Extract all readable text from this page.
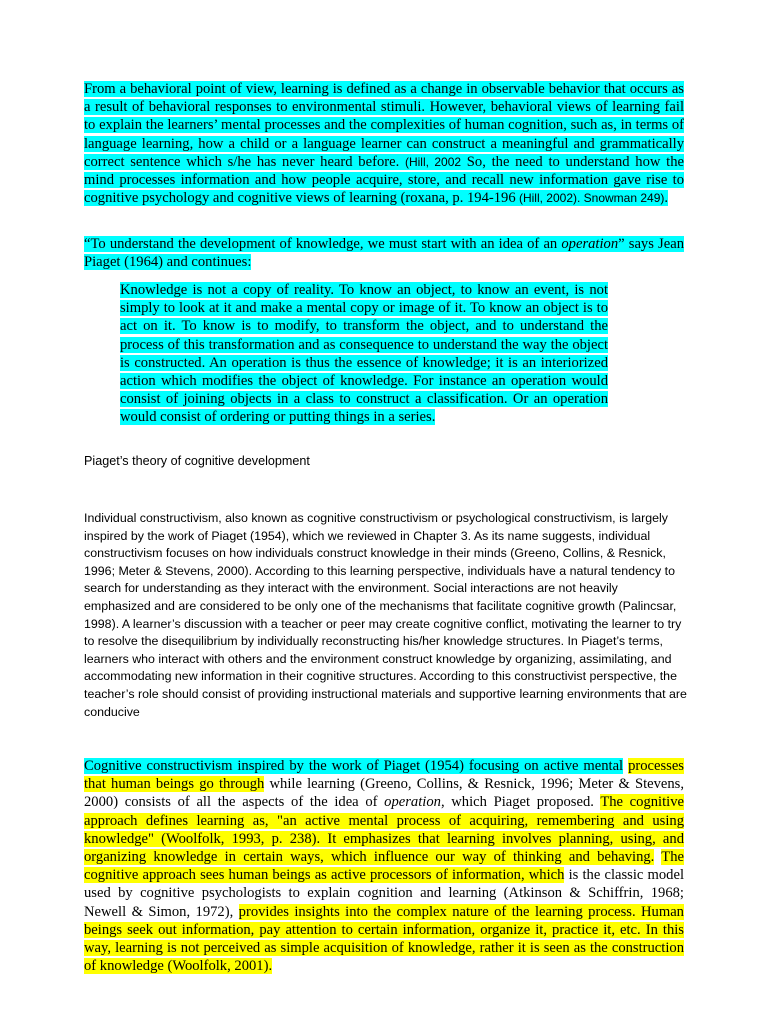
From a behavioral point of view, learning is defined as a change in observable behavior that occurs as a result of behavioral responses to environmental stimuli. However, behavioral views of learning fail to explain the learners’ mental processes and the complexities of human cognition, such as, in terms of language learning, how a child or a language learner can construct a meaningful and grammatically correct sentence which s/he has never heard before. (Hill, 2002 So, the need to understand how the mind processes information and how people acquire, store, and recall new information gave rise to cognitive psychology and cognitive views of learning (roxana, p. 194-196 (Hill, 2002). Snowman 249).

“To understand the development of knowledge, we must start with an idea of an operation” says Jean Piaget (1964) and continues:

Knowledge is not a copy of reality. To know an object, to know an event, is not simply to look at it and make a mental copy or image of it. To know an object is to act on it. To know is to modify, to transform the object, and to understand the process of this transformation and as consequence to understand the way the object is constructed. An operation is thus the essence of knowledge; it is an interiorized action which modifies the object of knowledge. For instance an operation would consist of joining objects in a class to construct a classification. Or an operation would consist of ordering or putting things in a series.

Piaget’s theory of cognitive development

Individual constructivism, also known as cognitive constructivism or psychological constructivism, is largely inspired by the work of Piaget (1954), which we reviewed in Chapter 3. As its name suggests, individual constructivism focuses on how individuals construct knowledge in their minds (Greeno, Collins, & Resnick, 1996; Meter & Stevens, 2000). According to this learning perspective, individuals have a natural tendency to search for understanding as they interact with the environment. Social interactions are not heavily emphasized and are considered to be only one of the mechanisms that facilitate cognitive growth (Palincsar, 1998). A learner’s discussion with a teacher or peer may create cognitive conflict, motivating the learner to try to resolve the disequilibrium by individually reconstructing his/her knowledge structures. In Piaget’s terms, learners who interact with others and the environment construct knowledge by organizing, assimilating, and accommodating new information in their cognitive structures. According to this constructivist perspective, the teacher’s role should consist of providing instructional materials and supportive learning environments that are conducive

Cognitive constructivism inspired by the work of Piaget (1954) focusing on active mental processes that human beings go through while learning (Greeno, Collins, & Resnick, 1996; Meter & Stevens, 2000) consists of all the aspects of the idea of operation, which Piaget proposed. The cognitive approach defines learning as, "an active mental process of acquiring, remembering and using knowledge" (Woolfolk, 1993, p. 238). It emphasizes that learning involves planning, using, and organizing knowledge in certain ways, which influence our way of thinking and behaving. The cognitive approach sees human beings as active processors of information, which is the classic model used by cognitive psychologists to explain cognition and learning (Atkinson & Schiffrin, 1968; Newell & Simon, 1972), provides insights into the complex nature of the learning process. Human beings seek out information, pay attention to certain information, organize it, practice it, etc. In this way, learning is not perceived as simple acquisition of knowledge, rather it is seen as the construction of knowledge (Woolfolk, 2001).
